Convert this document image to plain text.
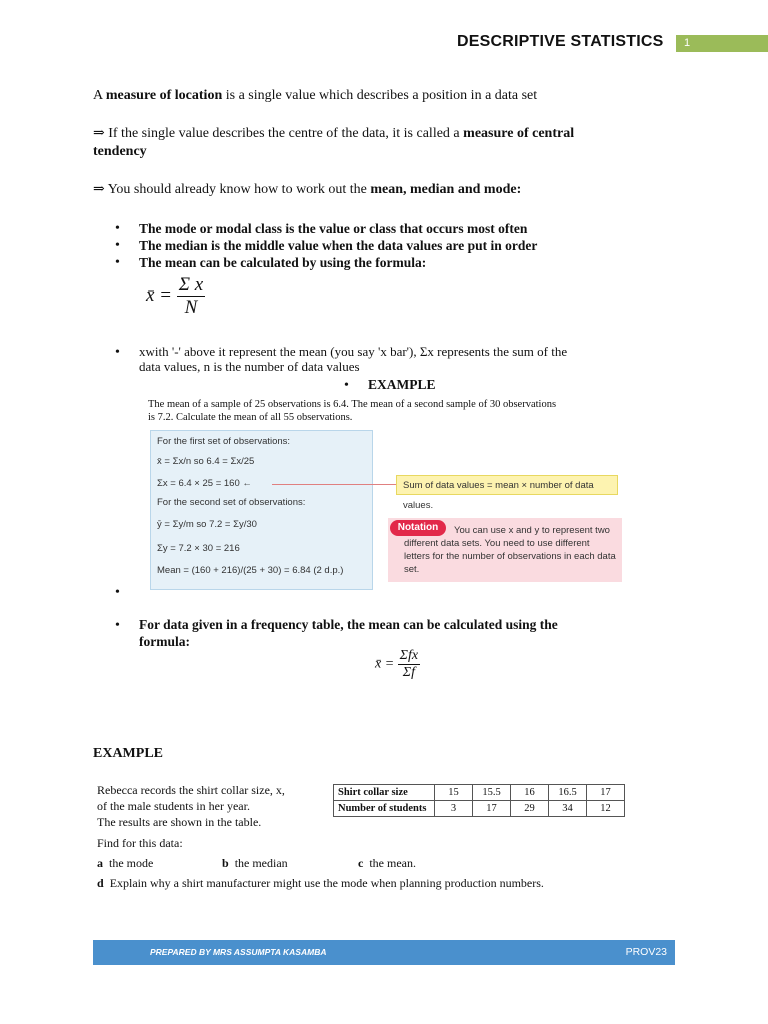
DESCRIPTIVE STATISTICS	1
A measure of location is a single value which describes a position in a data set
⇒ If the single value describes the centre of the data, it is called a measure of central
tendency
⇒ You should already know how to work out the mean, median and mode:
• The mode or modal class is the value or class that occurs most often
• The median is the middle value when the data values are put in order
• The mean can be calculated by using the formula:
x̄ = $\frac{\text{Σ x}}{N}$
• xwith '-' above it represent the mean (you say 'x bar'), Σx represents the sum of the
data values, n is the number of data values
• EXAMPLE
The mean of a sample of 25 observations is 6.4. The mean of a second sample of 30 observations
is 7.2. Calculate the mean of all 55 observations.
For the first set of observations:
x̄ = Σx/n so 6.4 = Σx/25
Σx = 6.4 × 25 = 160 ←
For the second set of observations:
ȳ = Σy/m so 7.2 = Σy/30
Σy = 7.2 × 30 = 216
Mean = (160 + 216)/(25 + 30) = 6.84 (2 d.p.)
Sum of data values = mean × number of data values.
Notation	You can use x and y to represent two different data sets. You need to use different letters for the number of observations in each data set.
•
• For data given in a frequency table, the mean can be calculated using the
formula:
x̄ = $\frac{\text{Σfx}}{\Sigma f}$
EXAMPLE
Rebecca records the shirt collar size, x,
of the male students in her year.
The results are shown in the table.
Shirt collar size	15	15.5	16	16.5	17
Number of students	3	17	29	34	12
Find for this data:
a the mode	b the median	c the mean.
d Explain why a shirt manufacturer might use the mode when planning production numbers.
PREPARED BY MRS ASSUMPTA KASAMBA	PROV23
